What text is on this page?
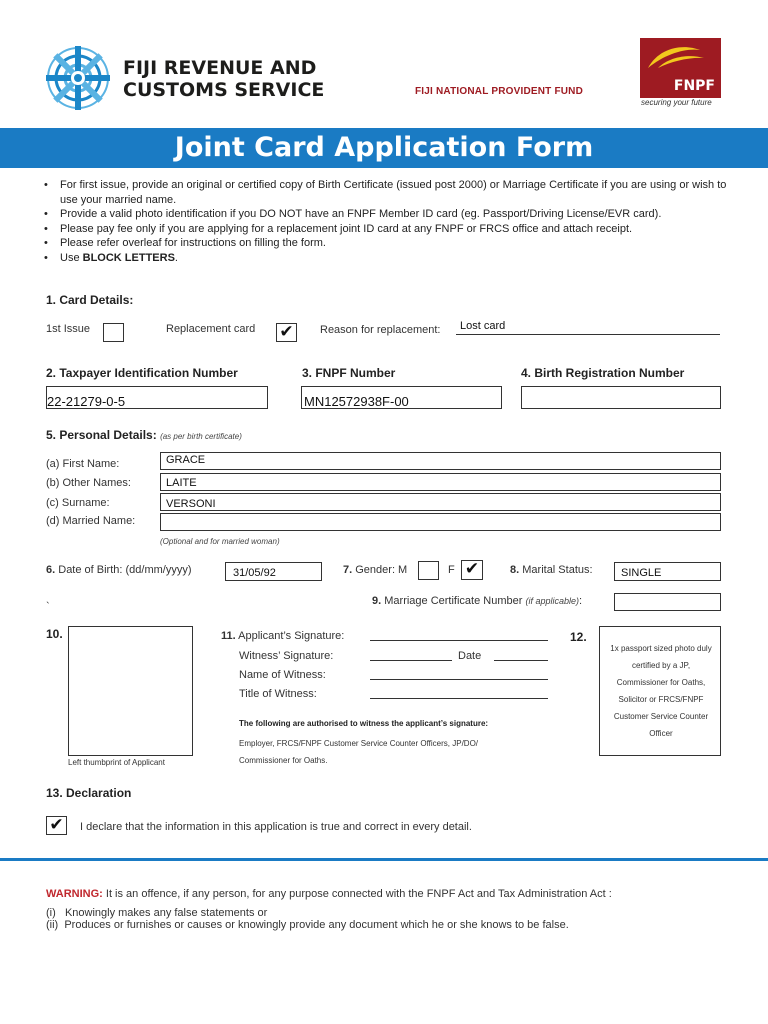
FIJI REVENUE AND
CUSTOMS SERVICE	FIJI NATIONAL PROVIDENT FUND	FNPF
securing your future
Joint Card Application Form
• For first issue, provide an original or certified copy of Birth Certificate (issued post 2000) or Marriage Certificate if you are using or wish to use your married name.
• Provide a valid photo identification if you DO NOT have an FNPF Member ID card (eg. Passport/Driving License/EVR card).
• Please pay fee only if you are applying for a replacement joint ID card at any FNPF or FRCS office and attach receipt.
• Please refer overleaf for instructions on filling the form.
• Use BLOCK LETTERS.
1. Card Details:
1st Issue	Replacement card ✔	Reason for replacement:	Lost card
2. Taxpayer Identification Number
22-21279-0-5
3. FNPF Number
MN12572938F-00
4. Birth Registration Number
5. Personal Details: (as per birth certificate)
(a) First Name:	GRACE
(b) Other Names:	LAITE
(c) Surname:	VERSONI
(d) Married Name:
(Optional and for married woman)
6. Date of Birth: (dd/mm/yyyy)	31/05/92	7. Gender: M	F ✔	8. Marital Status:	SINGLE
`	9. Marriage Certificate Number (if applicable):
10.
Left thumbprint of Applicant
11. Applicant’s Signature:
Witness’ Signature:	Date
Name of Witness:
Title of Witness:
The following are authorised to witness the applicant’s signature:
Employer, FRCS/FNPF Customer Service Counter Officers, JP/DO/ Commissioner for Oaths.
12.
1x passport sized photo duly certified by a JP, Commissioner for Oaths, Solicitor or FRCS/FNPF Customer Service Counter Officer
13. Declaration
✔	I declare that the information in this application is true and correct in every detail.
WARNING: It is an offence, if any person, for any purpose connected with the FNPF Act and Tax Administration Act :
(i)   Knowingly makes any false statements or
(ii)  Produces or furnishes or causes or knowingly provide any document which he or she knows to be false.
